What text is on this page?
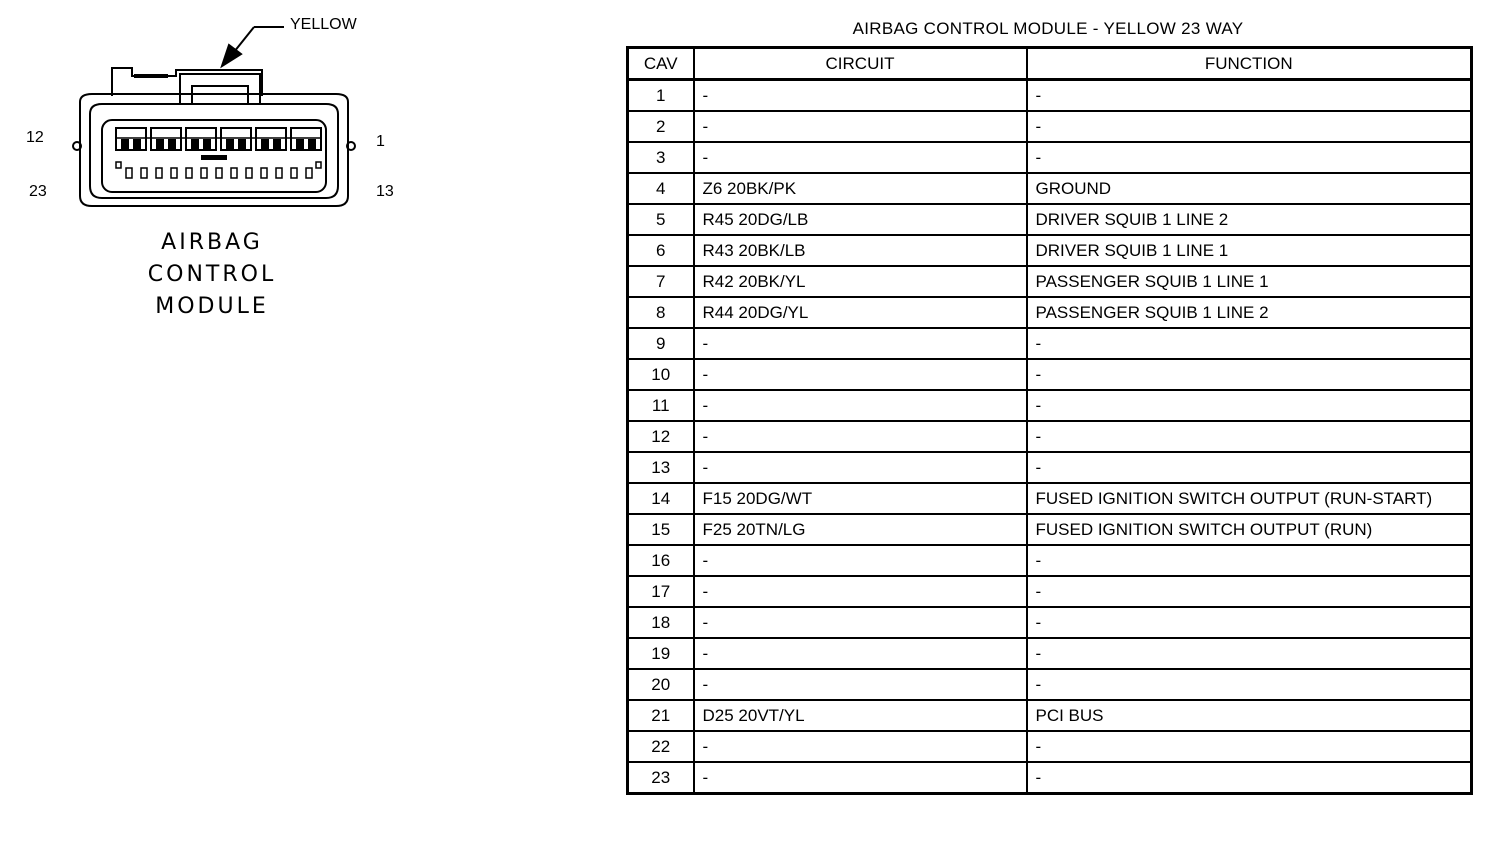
YELLOW
12	1
23	13
AIRBAG
CONTROL
MODULE
AIRBAG CONTROL MODULE - YELLOW 23 WAY
CAV	CIRCUIT	FUNCTION
1	-	-
2	-	-
3	-	-
4	Z6 20BK/PK	GROUND
5	R45 20DG/LB	DRIVER SQUIB 1 LINE 2
6	R43 20BK/LB	DRIVER SQUIB 1 LINE 1
7	R42 20BK/YL	PASSENGER SQUIB 1 LINE 1
8	R44 20DG/YL	PASSENGER SQUIB 1 LINE 2
9	-	-
10	-	-
11	-	-
12	-	-
13	-	-
14	F15 20DG/WT	FUSED IGNITION SWITCH OUTPUT (RUN-START)
15	F25 20TN/LG	FUSED IGNITION SWITCH OUTPUT (RUN)
16	-	-
17	-	-
18	-	-
19	-	-
20	-	-
21	D25 20VT/YL	PCI BUS
22	-	-
23	-	-
